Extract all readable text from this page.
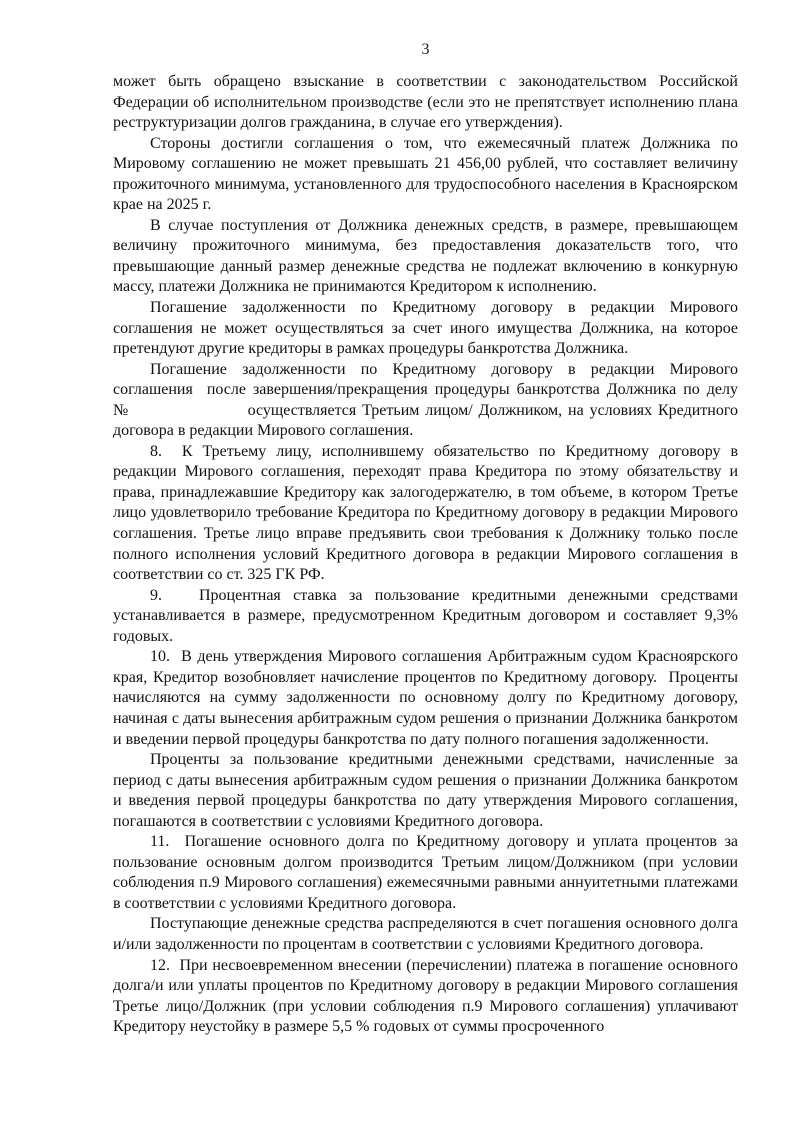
3

может быть обращено взыскание в соответствии с законодательством Российской Федерации об исполнительном производстве (если это не препятствует исполнению плана реструктуризации долгов гражданина, в случае его утверждения).

Стороны достигли соглашения о том, что ежемесячный платеж Должника по Мировому соглашению не может превышать 21 456,00 рублей, что составляет величину прожиточного минимума, установленного для трудоспособного населения в Красноярском крае на 2025 г.

В случае поступления от Должника денежных средств, в размере, превышающем величину прожиточного минимума, без предоставления доказательств того, что превышающие данный размер денежные средства не подлежат включению в конкурную массу, платежи Должника не принимаются Кредитором к исполнению.

Погашение задолженности по Кредитному договору в редакции Мирового соглашения не может осуществляться за счет иного имущества Должника, на которое претендуют другие кредиторы в рамках процедуры банкротства Должника.

Погашение задолженности по Кредитному договору в редакции Мирового соглашения  после завершения/прекращения процедуры банкротства Должника по делу №                    осуществляется Третьим лицом/ Должником, на условиях Кредитного договора в редакции Мирового соглашения.

8.  К Третьему лицу, исполнившему обязательство по Кредитному договору в редакции Мирового соглашения, переходят права Кредитора по этому обязательству и права, принадлежавшие Кредитору как залогодержателю, в том объеме, в котором Третье лицо удовлетворило требование Кредитора по Кредитному договору в редакции Мирового соглашения. Третье лицо вправе предъявить свои требования к Должнику только после полного исполнения условий Кредитного договора в редакции Мирового соглашения в соответствии со ст. 325 ГК РФ.

9.   Процентная ставка за пользование кредитными денежными средствами устанавливается в размере, предусмотренном Кредитным договором и составляет 9,3% годовых.

10.  В день утверждения Мирового соглашения Арбитражным судом Красноярского края, Кредитор возобновляет начисление процентов по Кредитному договору.  Проценты начисляются на сумму задолженности по основному долгу по Кредитному договору, начиная с даты вынесения арбитражным судом решения о признании Должника банкротом и введении первой процедуры банкротства по дату полного погашения задолженности.

Проценты за пользование кредитными денежными средствами, начисленные за период с даты вынесения арбитражным судом решения о признании Должника банкротом и введения первой процедуры банкротства по дату утверждения Мирового соглашения, погашаются в соответствии с условиями Кредитного договора.

11.  Погашение основного долга по Кредитному договору и уплата процентов за пользование основным долгом производится Третьим лицом/Должником (при условии соблюдения п.9 Мирового соглашения) ежемесячными равными аннуитетными платежами в соответствии с условиями Кредитного договора.

Поступающие денежные средства распределяются в счет погашения основного долга и/или задолженности по процентам в соответствии с условиями Кредитного договора.

12.  При несвоевременном внесении (перечислении) платежа в погашение основного долга/и или уплаты процентов по Кредитному договору в редакции Мирового соглашения Третье лицо/Должник (при условии соблюдения п.9 Мирового соглашения) уплачивают Кредитору неустойку в размере 5,5 % годовых от суммы просроченного
